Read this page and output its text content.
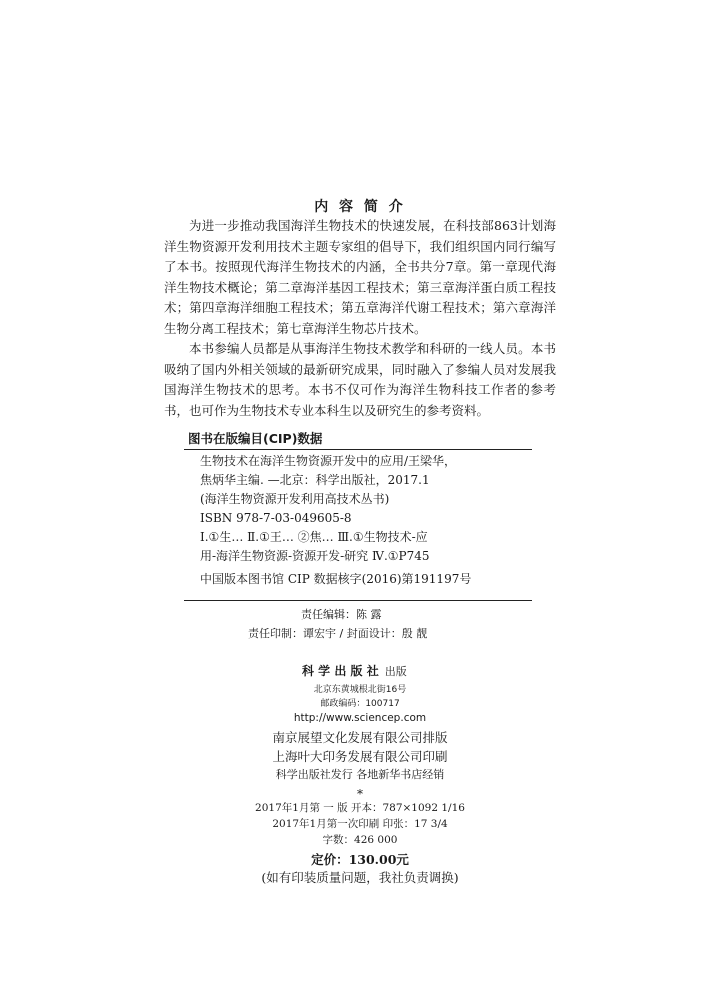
内 容 简 介
为进一步推动我国海洋生物技术的快速发展，在科技部863计划海洋生物资源开发利用技术主题专家组的倡导下，我们组织国内同行编写了本书。按照现代海洋生物技术的内涵，全书共分7章。第一章现代海洋生物技术概论；第二章海洋基因工程技术；第三章海洋蛋白质工程技术；第四章海洋细胞工程技术；第五章海洋代谢工程技术；第六章海洋生物分离工程技术；第七章海洋生物芯片技术。
本书参编人员都是从事海洋生物技术教学和科研的一线人员。本书吸纳了国内外相关领域的最新研究成果，同时融入了参编人员对发展我国海洋生物技术的思考。本书不仅可作为海洋生物科技工作者的参考书，也可作为生物技术专业本科生以及研究生的参考资料。
图书在版编目(CIP)数据
生物技术在海洋生物资源开发中的应用/王梁华，
焦炳华主编. —北京：科学出版社，2017.1
(海洋生物资源开发利用高技术丛书)
ISBN 978-7-03-049605-8
Ⅰ.①生… Ⅱ.①王… ②焦… Ⅲ.①生物技术-应
用-海洋生物资源-资源开发-研究 Ⅳ.①P745
中国版本图书馆 CIP 数据核字(2016)第191197号
责任编辑：陈 露
责任印制：谭宏宇 / 封面设计：殷 靓
科 学 出 版 社 出版
北京东黄城根北街16号
邮政编码：100717
http://www.sciencep.com
南京展望文化发展有限公司排版
上海叶大印务发展有限公司印刷
科学出版社发行 各地新华书店经销
*
2017年1月第 一 版 开本：787×1092 1/16
2017年1月第一次印刷 印张：17 3/4
字数：426 000
定价：130.00元
(如有印装质量问题，我社负责调换)
